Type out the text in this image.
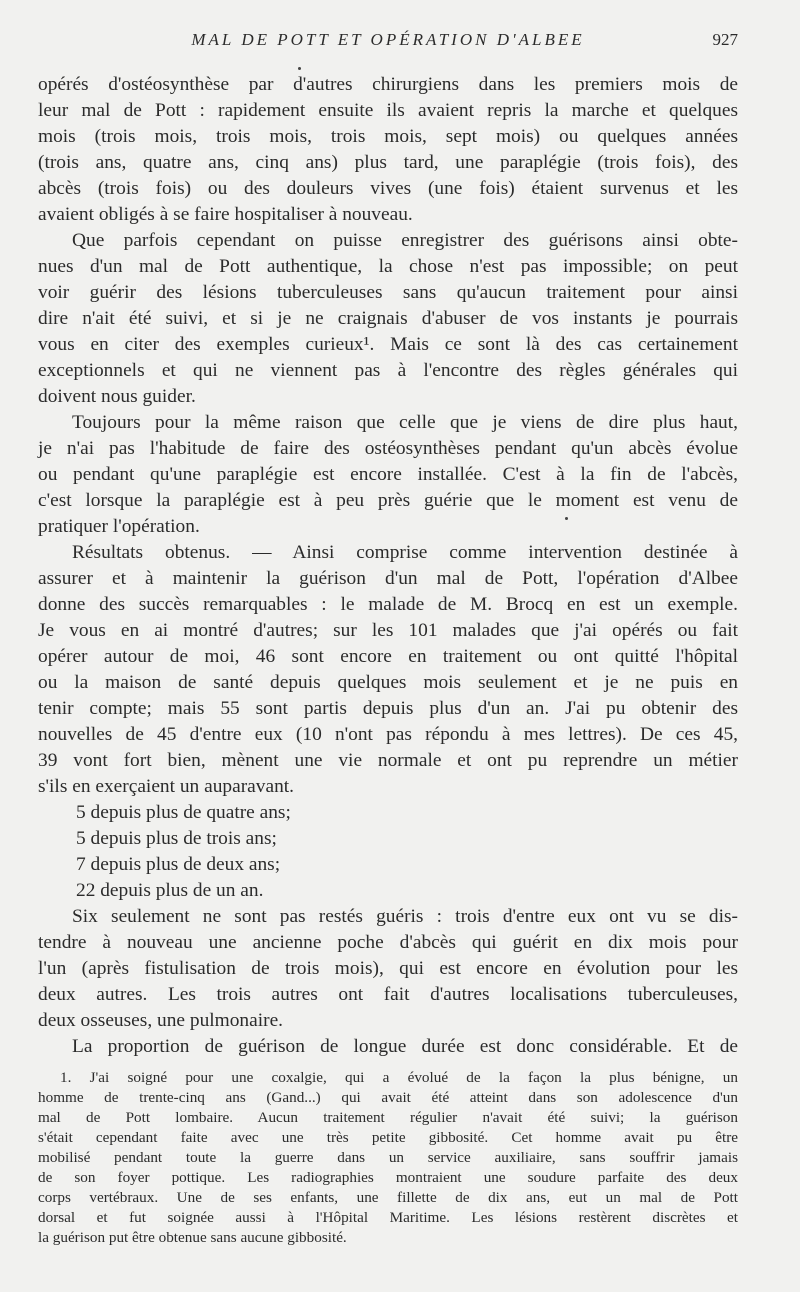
MAL DE POTT ET OPÉRATION D'ALBEE	927
opérés d'ostéosynthèse par d'autres chirurgiens dans les premiers mois de
leur mal de Pott : rapidement ensuite ils avaient repris la marche et quelques
mois (trois mois, trois mois, trois mois, sept mois) ou quelques années
(trois ans, quatre ans, cinq ans) plus tard, une paraplégie (trois fois), des
abcès (trois fois) ou des douleurs vives (une fois) étaient survenus et les
avaient obligés à se faire hospitaliser à nouveau.
Que parfois cependant on puisse enregistrer des guérisons ainsi obte-
nues d'un mal de Pott authentique, la chose n'est pas impossible; on peut
voir guérir des lésions tuberculeuses sans qu'aucun traitement pour ainsi
dire n'ait été suivi, et si je ne craignais d'abuser de vos instants je pourrais
vous en citer des exemples curieux¹. Mais ce sont là des cas certainement
exceptionnels et qui ne viennent pas à l'encontre des règles générales qui
doivent nous guider.
Toujours pour la même raison que celle que je viens de dire plus haut,
je n'ai pas l'habitude de faire des ostéosynthèses pendant qu'un abcès évolue
ou pendant qu'une paraplégie est encore installée. C'est à la fin de l'abcès,
c'est lorsque la paraplégie est à peu près guérie que le moment est venu de
pratiquer l'opération.
Résultats obtenus. — Ainsi comprise comme intervention destinée à
assurer et à maintenir la guérison d'un mal de Pott, l'opération d'Albee
donne des succès remarquables : le malade de M. Brocq en est un exemple.
Je vous en ai montré d'autres; sur les 101 malades que j'ai opérés ou fait
opérer autour de moi, 46 sont encore en traitement ou ont quitté l'hôpital
ou la maison de santé depuis quelques mois seulement et je ne puis en
tenir compte; mais 55 sont partis depuis plus d'un an. J'ai pu obtenir des
nouvelles de 45 d'entre eux (10 n'ont pas répondu à mes lettres). De ces 45,
39 vont fort bien, mènent une vie normale et ont pu reprendre un métier
s'ils en exerçaient un auparavant.
5 depuis plus de quatre ans;
5 depuis plus de trois ans;
7 depuis plus de deux ans;
22 depuis plus de un an.
Six seulement ne sont pas restés guéris : trois d'entre eux ont vu se dis-
tendre à nouveau une ancienne poche d'abcès qui guérit en dix mois pour
l'un (après fistulisation de trois mois), qui est encore en évolution pour les
deux autres. Les trois autres ont fait d'autres localisations tuberculeuses,
deux osseuses, une pulmonaire.
La proportion de guérison de longue durée est donc considérable. Et de
1. J'ai soigné pour une coxalgie, qui a évolué de la façon la plus bénigne, un
homme de trente-cinq ans (Gand...) qui avait été atteint dans son adolescence d'un
mal de Pott lombaire. Aucun traitement régulier n'avait été suivi; la guérison
s'était cependant faite avec une très petite gibbosité. Cet homme avait pu être
mobilisé pendant toute la guerre dans un service auxiliaire, sans souffrir jamais
de son foyer pottique. Les radiographies montraient une soudure parfaite des deux
corps vertébraux. Une de ses enfants, une fillette de dix ans, eut un mal de Pott
dorsal et fut soignée aussi à l'Hôpital Maritime. Les lésions restèrent discrètes et
la guérison put être obtenue sans aucune gibbosité.
